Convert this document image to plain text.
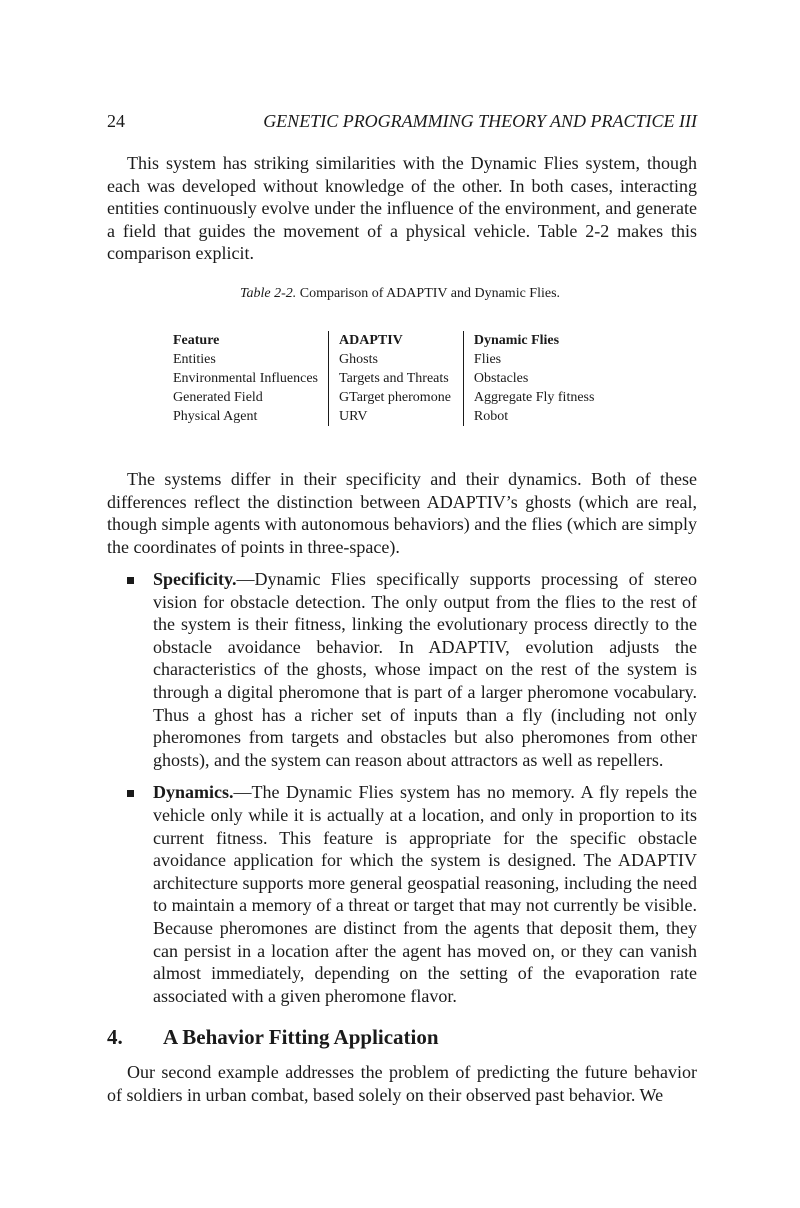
24	GENETIC PROGRAMMING THEORY AND PRACTICE III

This system has striking similarities with the Dynamic Flies system, though each was developed without knowledge of the other. In both cases, interacting entities continuously evolve under the influence of the environment, and generate a field that guides the movement of a physical vehicle. Table 2-2 makes this comparison explicit.

Table 2-2. Comparison of ADAPTIV and Dynamic Flies.
Feature	ADAPTIV	Dynamic Flies
Entities	Ghosts	Flies
Environmental Influences	Targets and Threats	Obstacles
Generated Field	GTarget pheromone	Aggregate Fly fitness
Physical Agent	URV	Robot

The systems differ in their specificity and their dynamics. Both of these differences reflect the distinction between ADAPTIV’s ghosts (which are real, though simple agents with autonomous behaviors) and the flies (which are simply the coordinates of points in three-space).

Specificity.—Dynamic Flies specifically supports processing of stereo vision for obstacle detection. The only output from the flies to the rest of the system is their fitness, linking the evolutionary process directly to the obstacle avoidance behavior. In ADAPTIV, evolution adjusts the characteristics of the ghosts, whose impact on the rest of the system is through a digital pheromone that is part of a larger pheromone vocabulary. Thus a ghost has a richer set of inputs than a fly (including not only pheromones from targets and obstacles but also pheromones from other ghosts), and the system can reason about attractors as well as repellers.
Dynamics.—The Dynamic Flies system has no memory. A fly repels the vehicle only while it is actually at a location, and only in proportion to its current fitness. This feature is appropriate for the specific obstacle avoidance application for which the system is designed. The ADAPTIV architecture supports more general geospatial reasoning, including the need to maintain a memory of a threat or target that may not currently be visible. Because pheromones are distinct from the agents that deposit them, they can persist in a location after the agent has moved on, or they can vanish almost immediately, depending on the setting of the evaporation rate associated with a given pheromone flavor.
4. A Behavior Fitting Application

Our second example addresses the problem of predicting the future behavior of soldiers in urban combat, based solely on their observed past behavior. We
